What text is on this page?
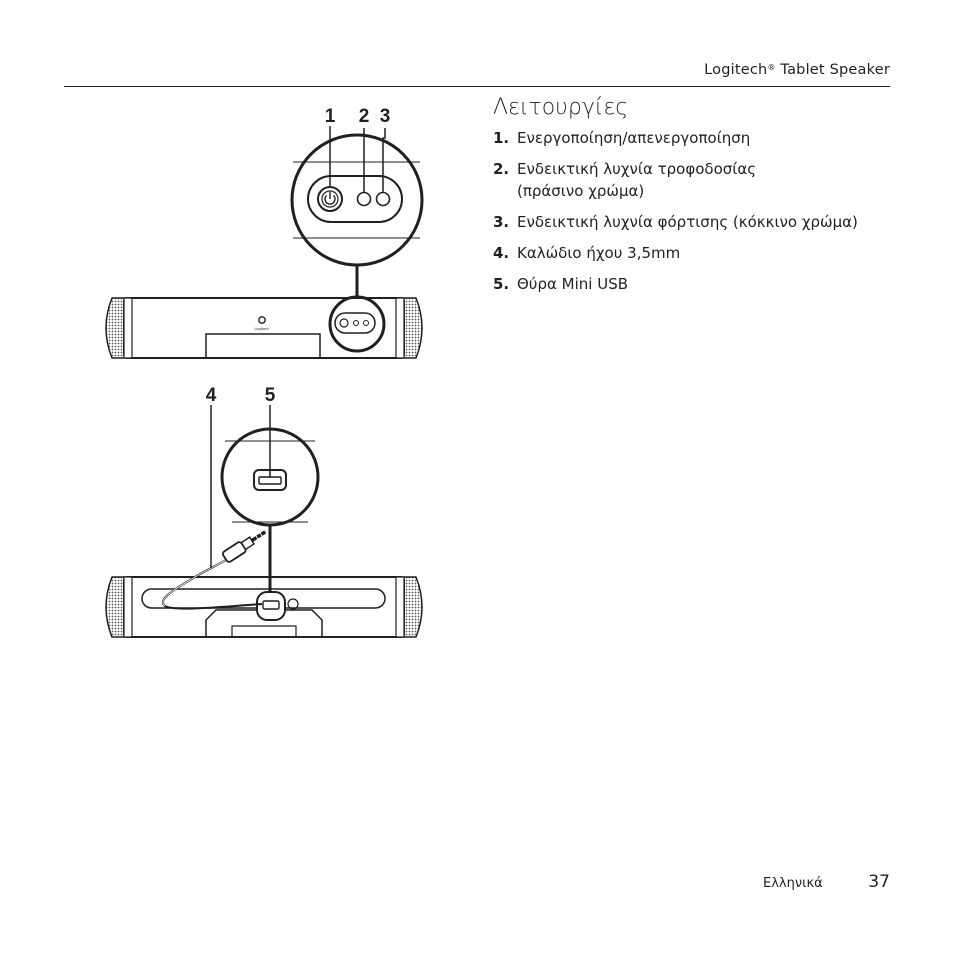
Logitech® Tablet Speaker
Λειτουργίες
1. Ενεργοποίηση/απενεργοποίηση
2. Ενδεικτική λυχνία τροφοδοσίας (πράσινο χρώμα)
3. Ενδεικτική λυχνία φόρτισης (κόκκινο χρώμα)
4. Καλώδιο ήχου 3,5mm
5. Θύρα Mini USB
Logitech
1 2 3
4	5
Ελληνικά	37
